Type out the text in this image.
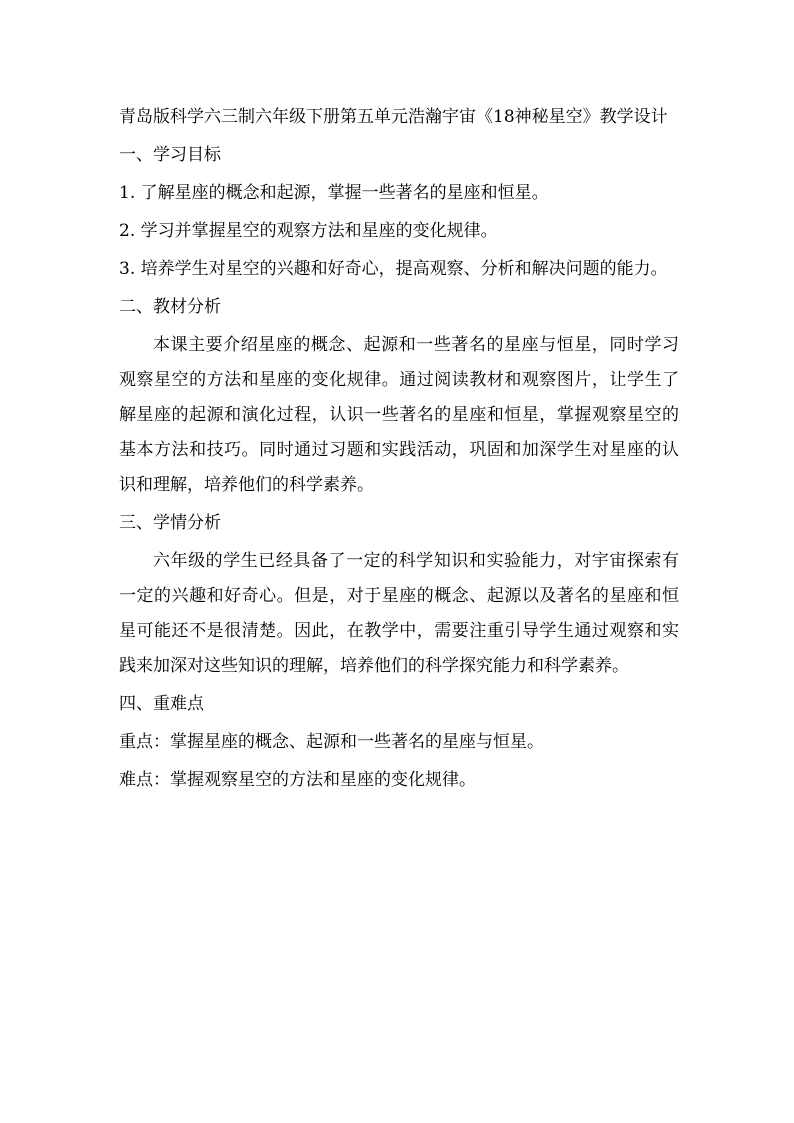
青岛版科学六三制六年级下册第五单元浩瀚宇宙《18神秘星空》教学设计

一、学习目标

1. 了解星座的概念和起源，掌握一些著名的星座和恒星。

2. 学习并掌握星空的观察方法和星座的变化规律。

3. 培养学生对星空的兴趣和好奇心，提高观察、分析和解决问题的能力。

二、教材分析

本课主要介绍星座的概念、起源和一些著名的星座与恒星，同时学习观察星空的方法和星座的变化规律。通过阅读教材和观察图片，让学生了解星座的起源和演化过程，认识一些著名的星座和恒星，掌握观察星空的基本方法和技巧。同时通过习题和实践活动，巩固和加深学生对星座的认识和理解，培养他们的科学素养。

三、学情分析

六年级的学生已经具备了一定的科学知识和实验能力，对宇宙探索有一定的兴趣和好奇心。但是，对于星座的概念、起源以及著名的星座和恒星可能还不是很清楚。因此，在教学中，需要注重引导学生通过观察和实践来加深对这些知识的理解，培养他们的科学探究能力和科学素养。

四、重难点

重点：掌握星座的概念、起源和一些著名的星座与恒星。

难点：掌握观察星空的方法和星座的变化规律。
